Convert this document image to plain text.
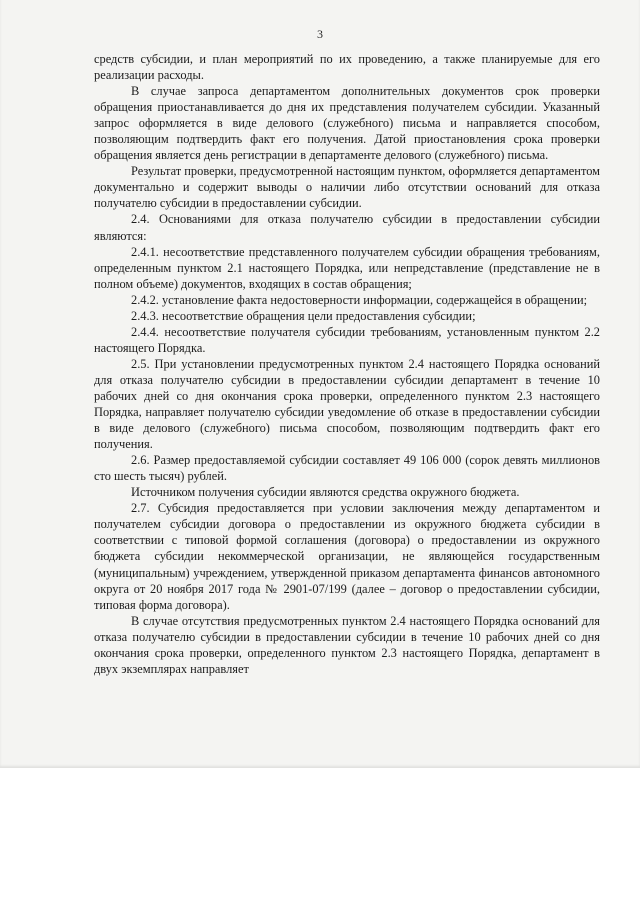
3

средств субсидии, и план мероприятий по их проведению, а также планируемые для его реализации расходы.

В случае запроса департаментом дополнительных документов срок проверки обращения приостанавливается до дня их представления получателем субсидии. Указанный запрос оформляется в виде делового (служебного) письма и направляется способом, позволяющим подтвердить факт его получения. Датой приостановления срока проверки обращения является день регистрации в департаменте делового (служебного) письма.

Результат проверки, предусмотренной настоящим пунктом, оформляется департаментом документально и содержит выводы о наличии либо отсутствии оснований для отказа получателю субсидии в предоставлении субсидии.

2.4. Основаниями для отказа получателю субсидии в предоставлении субсидии являются:

2.4.1. несоответствие представленного получателем субсидии обращения требованиям, определенным пунктом 2.1 настоящего Порядка, или непредставление (представление не в полном объеме) документов, входящих в состав обращения;

2.4.2. установление факта недостоверности информации, содержащейся в обращении;

2.4.3. несоответствие обращения цели предоставления субсидии;

2.4.4. несоответствие получателя субсидии требованиям, установленным пунктом 2.2 настоящего Порядка.

2.5. При установлении предусмотренных пунктом 2.4 настоящего Порядка оснований для отказа получателю субсидии в предоставлении субсидии департамент в течение 10 рабочих дней со дня окончания срока проверки, определенного пунктом 2.3 настоящего Порядка, направляет получателю субсидии уведомление об отказе в предоставлении субсидии в виде делового (служебного) письма способом, позволяющим подтвердить факт его получения.

2.6. Размер предоставляемой субсидии составляет 49 106 000 (сорок девять миллионов сто шесть тысяч) рублей.

Источником получения субсидии являются средства окружного бюджета.

2.7. Субсидия предоставляется при условии заключения между департаментом и получателем субсидии договора о предоставлении из окружного бюджета субсидии в соответствии с типовой формой соглашения (договора) о предоставлении из окружного бюджета субсидии некоммерческой организации, не являющейся государственным (муниципальным) учреждением, утвержденной приказом департамента финансов автономного округа от 20 ноября 2017 года № 2901-07/199 (далее – договор о предоставлении субсидии, типовая форма договора).

В случае отсутствия предусмотренных пунктом 2.4 настоящего Порядка оснований для отказа получателю субсидии в предоставлении субсидии в течение 10 рабочих дней со дня окончания срока проверки, определенного пунктом 2.3 настоящего Порядка, департамент в двух экземплярах направляет
